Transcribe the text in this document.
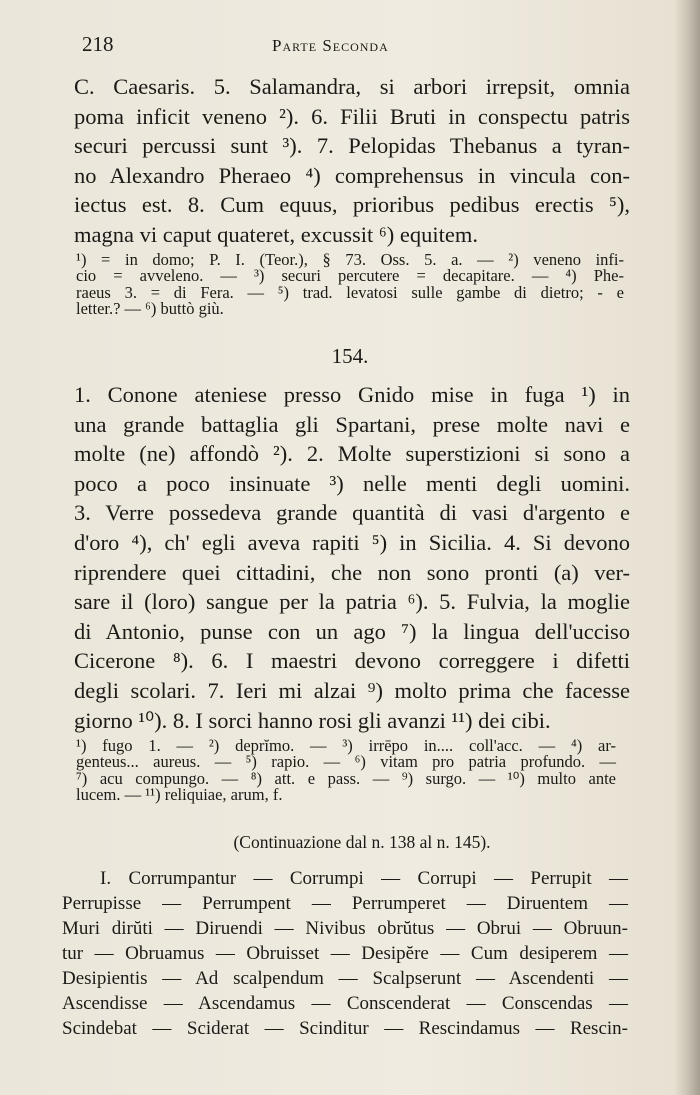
218	Parte Seconda
C. Caesaris. 5. Salamandra, si arbori irrepsit, omnia
poma inficit veneno ²). 6. Filii Bruti in conspectu patris
securi percussi sunt ³). 7. Pelopidas Thebanus a tyran-
no Alexandro Pheraeo ⁴) comprehensus in vincula con-
iectus est. 8. Cum equus, prioribus pedibus erectis ⁵),
magna vi caput quateret, excussit ⁶) equitem.
¹) = in domo; P. I. (Teor.), § 73. Oss. 5. a. — ²) veneno infi-
cio = avveleno. — ³) securi percutere = decapitare. — ⁴) Phe-
raeus 3. = di Fera. — ⁵) trad. levatosi sulle gambe di dietro; - e
letter.? — ⁶) buttò giù.
154.
1. Conone ateniese presso Gnido mise in fuga ¹) in
una grande battaglia gli Spartani, prese molte navi e
molte (ne) affondò ²). 2. Molte superstizioni si sono a
poco a poco insinuate ³) nelle menti degli uomini.
3. Verre possedeva grande quantità di vasi d'argento e
d'oro ⁴), ch' egli aveva rapiti ⁵) in Sicilia. 4. Si devono
riprendere quei cittadini, che non sono pronti (a) ver-
sare il (loro) sangue per la patria ⁶). 5. Fulvia, la moglie
di Antonio, punse con un ago ⁷) la lingua dell'ucciso
Cicerone ⁸). 6. I maestri devono correggere i difetti
degli scolari. 7. Ieri mi alzai ⁹) molto prima che facesse
giorno ¹⁰). 8. I sorci hanno rosi gli avanzi ¹¹) dei cibi.
¹) fugo 1. — ²) deprĭmo. — ³) irrēpo in.... coll'acc. — ⁴) ar-
genteus... aureus. — ⁵) rapio. — ⁶) vitam pro patria profundo. —
⁷) acu compungo. — ⁸) att. e pass. — ⁹) surgo. — ¹⁰) multo ante
lucem. — ¹¹) reliquiae, arum, f.
(Continuazione dal n. 138 al n. 145).
I. Corrumpantur — Corrumpi — Corrupi — Perrupit —
Perrupisse — Perrumpent — Perrumperet — Diruentem —
Muri dirŭti — Diruendi — Nivibus obrŭtus — Obrui — Obruun-
tur — Obruamus — Obruisset — Desipĕre — Cum desiperem —
Desipientis — Ad scalpendum — Scalpserunt — Ascendenti —
Ascendisse — Ascendamus — Conscenderat — Conscendas —
Scindebat — Sciderat — Scinditur — Rescindamus — Rescin-
